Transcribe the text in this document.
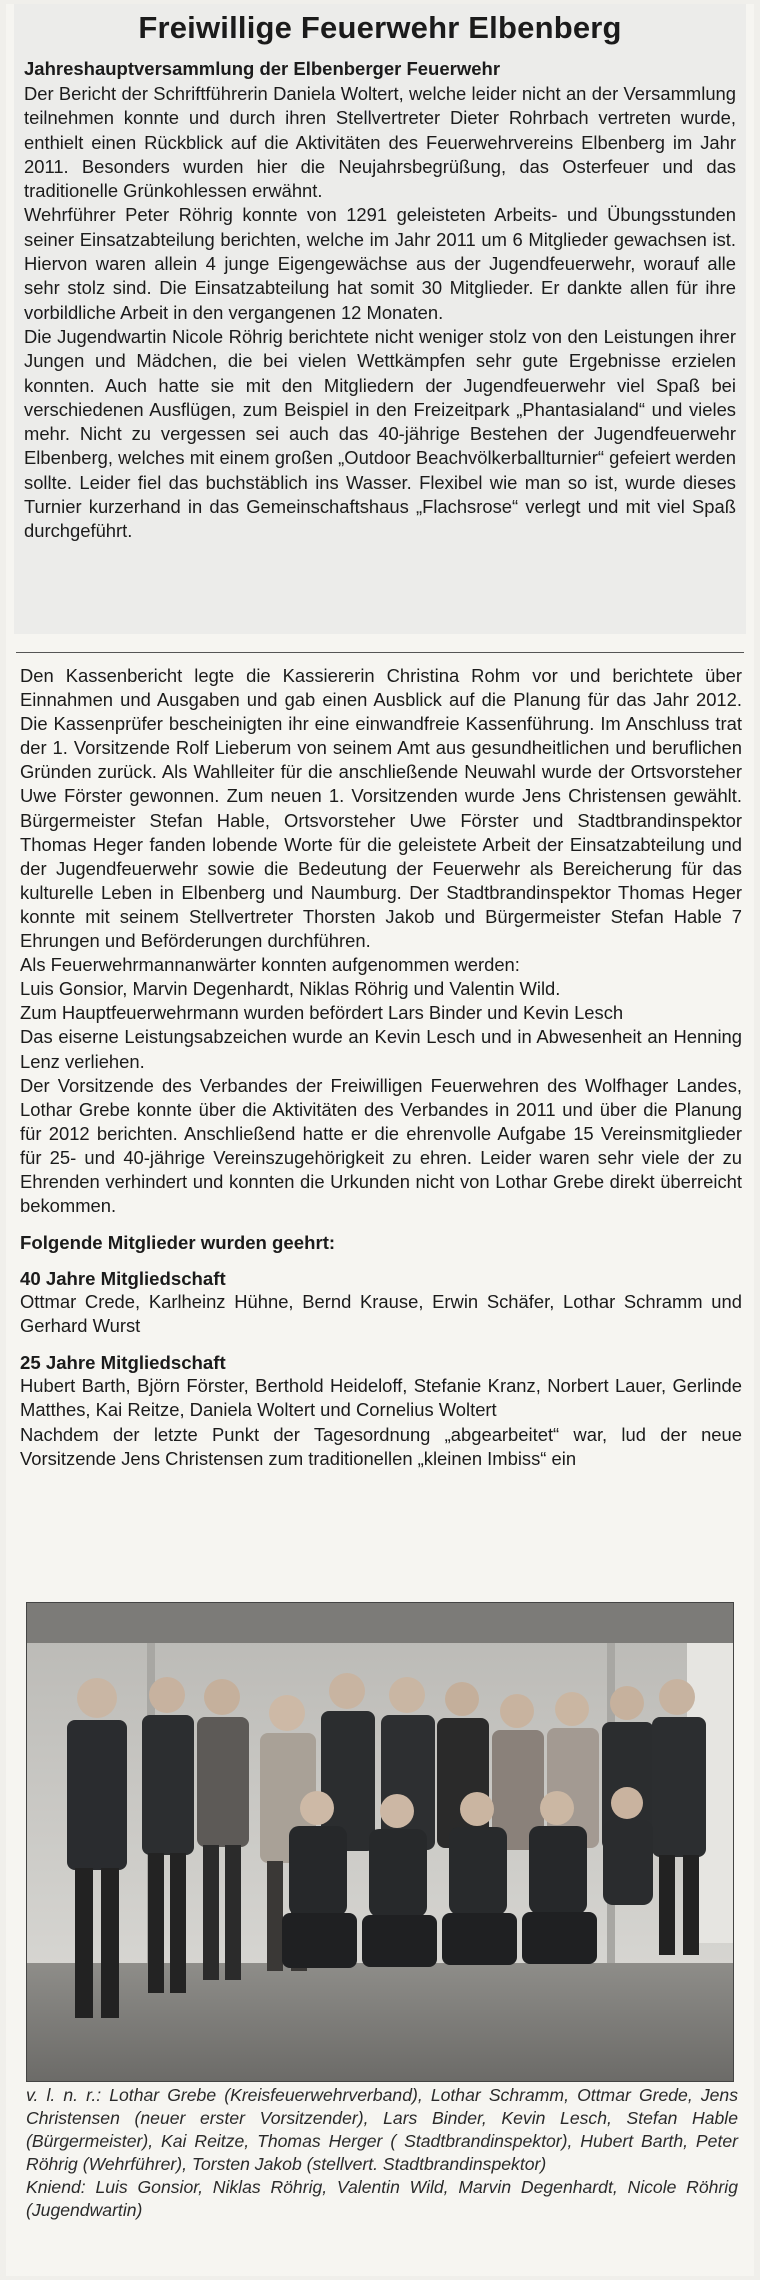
Freiwillige Feuerwehr Elbenberg
Jahreshauptversammlung der Elbenberger Feuerwehr

Der Bericht der Schriftführerin Daniela Woltert, welche leider nicht an der Versammlung teilnehmen konnte und durch ihren Stellvertreter Dieter Rohrbach vertreten wurde, enthielt einen Rückblick auf die Aktivitäten des Feuerwehrvereins Elbenberg im Jahr 2011. Besonders wurden hier die Neujahrsbegrüßung, das Osterfeuer und das traditionelle Grünkohlessen erwähnt.

Wehrführer Peter Röhrig konnte von 1291 geleisteten Arbeits- und Übungsstunden seiner Einsatzabteilung berichten, welche im Jahr 2011 um 6 Mitglieder gewachsen ist. Hiervon waren allein 4 junge Eigengewächse aus der Jugendfeuerwehr, worauf alle sehr stolz sind. Die Einsatzabteilung hat somit 30 Mitglieder. Er dankte allen für ihre vorbildliche Arbeit in den vergangenen 12 Monaten.

Die Jugendwartin Nicole Röhrig berichtete nicht weniger stolz von den Leistungen ihrer Jungen und Mädchen, die bei vielen Wettkämpfen sehr gute Ergebnisse erzielen konnten. Auch hatte sie mit den Mitgliedern der Jugendfeuerwehr viel Spaß bei verschiedenen Ausflügen, zum Beispiel in den Freizeitpark „Phantasialand“ und vieles mehr. Nicht zu vergessen sei auch das 40-jährige Bestehen der Jugendfeuerwehr Elbenberg, welches mit einem großen „Outdoor Beachvölkerballturnier“ gefeiert werden sollte. Leider fiel das buchstäblich ins Wasser. Flexibel wie man so ist, wurde dieses Turnier kurzerhand in das Gemeinschaftshaus „Flachsrose“ verlegt und mit viel Spaß durchgeführt.

Den Kassenbericht legte die Kassiererin Christina Rohm vor und berichtete über Einnahmen und Ausgaben und gab einen Ausblick auf die Planung für das Jahr 2012. Die Kassenprüfer bescheinigten ihr eine einwandfreie Kassenführung. Im Anschluss trat der 1. Vorsitzende Rolf Lieberum von seinem Amt aus gesundheitlichen und beruflichen Gründen zurück. Als Wahlleiter für die anschließende Neuwahl wurde der Ortsvorsteher Uwe Förster gewonnen. Zum neuen 1. Vorsitzenden wurde Jens Christensen gewählt. Bürgermeister Stefan Hable, Ortsvorsteher Uwe Förster und Stadtbrandinspektor Thomas Heger fanden lobende Worte für die geleistete Arbeit der Einsatzabteilung und der Jugendfeuerwehr sowie die Bedeutung der Feuerwehr als Bereicherung für das kulturelle Leben in Elbenberg und Naumburg. Der Stadtbrandinspektor Thomas Heger konnte mit seinem Stellvertreter Thorsten Jakob und Bürgermeister Stefan Hable 7 Ehrungen und Beförderungen durchführen.

Als Feuerwehrmannanwärter konnten aufgenommen werden:

Luis Gonsior, Marvin Degenhardt, Niklas Röhrig und Valentin Wild.

Zum Hauptfeuerwehrmann wurden befördert Lars Binder und Kevin Lesch

Das eiserne Leistungsabzeichen wurde an Kevin Lesch und in Abwesenheit an Henning Lenz verliehen.

Der Vorsitzende des Verbandes der Freiwilligen Feuerwehren des Wolfhager Landes, Lothar Grebe konnte über die Aktivitäten des Verbandes in 2011 und über die Planung für 2012 berichten. Anschließend hatte er die ehrenvolle Aufgabe 15 Vereinsmitglieder für 25- und 40-jährige Vereinszugehörigkeit zu ehren. Leider waren sehr viele der zu Ehrenden verhindert und konnten die Urkunden nicht von Lothar Grebe direkt überreicht bekommen.

Folgende Mitglieder wurden geehrt:
40 Jahre Mitgliedschaft

Ottmar Crede, Karlheinz Hühne, Bernd Krause, Erwin Schäfer, Lothar Schramm und Gerhard Wurst

25 Jahre Mitgliedschaft

Hubert Barth, Björn Förster, Berthold Heideloff, Stefanie Kranz, Norbert Lauer, Gerlinde Matthes, Kai Reitze, Daniela Woltert und Cornelius Woltert

Nachdem der letzte Punkt der Tagesordnung „abgearbeitet“ war, lud der neue Vorsitzende Jens Christensen zum traditionellen „kleinen Imbiss“ ein

v. l. n. r.: Lothar Grebe (Kreisfeuerwehrverband), Lothar Schramm, Ottmar Grede, Jens Christensen (neuer erster Vorsitzender), Lars Binder, Kevin Lesch, Stefan Hable (Bürgermeister), Kai Reitze, Thomas Herger ( Stadtbrandinspektor), Hubert Barth, Peter Röhrig (Wehrführer), Torsten Jakob (stellvert. Stadtbrandinspektor)
Kniend: Luis Gonsior, Niklas Röhrig, Valentin Wild, Marvin Degenhardt, Nicole Röhrig (Jugendwartin)
